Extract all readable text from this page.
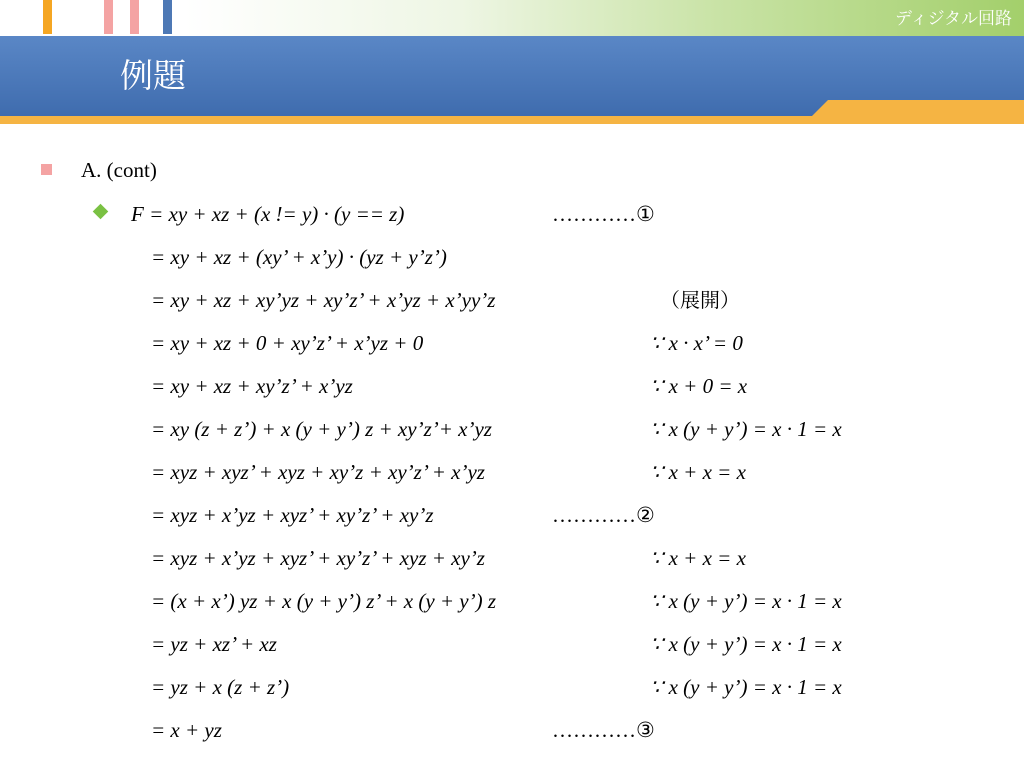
ディジタル回路
例題
A. (cont)
F = xy + xz + (x != y) · (y == z)
= xy + xz + (xy’ + x’y) · (yz + y’z’)
= xy + xz + xy’yz + xy’z’ + x’yz + x’yy’z
= xy + xz + 0 + xy’z’ + x’yz + 0
= xy + xz + xy’z’ + x’yz
= xy (z + z’) + x (y + y’) z + xy’z’+ x’yz
= xyz + xyz’ + xyz + xy’z + xy’z’ + x’yz
= xyz + x’yz + xyz’ + xy’z’ + xy’z
= xyz + x’yz + xyz’ + xy’z’ + xyz + xy’z
= (x + x’) yz + x (y + y’) z’ + x (y + y’) z
= yz + xz’ + xz
= yz + x (z + z’)
= x + yz
…………①
…………②
…………③
（展開）
∵ x · x’ = 0
∵ x + 0 = x
∵ x (y + y’) = x · 1 = x
∵ x + x = x
∵ x + x = x
∵ x (y + y’) = x · 1 = x
∵ x (y + y’) = x · 1 = x
∵ x (y + y’) = x · 1 = x
